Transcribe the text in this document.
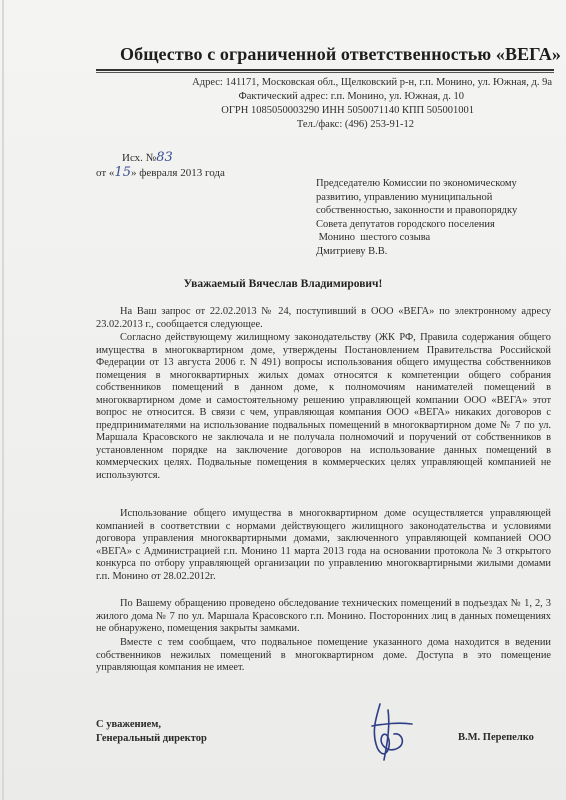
Общество с ограниченной ответственностью «ВЕГА»
Адрес: 141171, Московская обл., Щелковский р-н, г.п. Монино, ул. Южная, д. 9а
Фактический адрес: г.п. Монино, ул. Южная, д. 10
ОГРН 1085050003290 ИНН 5050071140 КПП 505001001
Тел./факс: (496) 253-91-12
Исх. №83
от «15» февраля 2013 года
Председателю Комиссии по экономическому
развитию, управлению муниципальной
собственностью, законности и правопорядку
Совета депутатов городского поселения
Монино  шестого созыва
Дмитриеву В.В.
Уважаемый Вячеслав Владимирович!
На Ваш запрос от 22.02.2013 № 24, поступивший в ООО «ВЕГА» по электронному адресу 23.02.2013 г., сообщается следующее.
Согласно действующему жилищному законодательству (ЖК РФ, Правила содержания общего имущества в многоквартирном доме, утверждены Постановлением Правительства Российской Федерации от 13 августа 2006 г. N 491) вопросы использования общего имущества собственников помещения в многоквартирных жилых домах относятся к компетенции общего собрания собственников помещений в данном доме, к полномочиям нанимателей помещений в многоквартирном доме и самостоятельному решению управляющей компании ООО «ВЕГА» этот вопрос не относится. В связи с чем, управляющая компания ООО «ВЕГА» никаких договоров с предпринимателями на использование подвальных помещений в многоквартирном доме № 7 по ул. Маршала Красовского не заключала и не получала полномочий и поручений от собственников в установленном порядке на заключение договоров на использование данных помещений в коммерческих целях. Подвальные помещения в коммерческих целях управляющей компанией не используются.
Использование общего имущества в многоквартирном доме осуществляется управляющей компанией в соответствии с нормами действующего жилищного законодательства и условиями договора управления многоквартирными домами, заключенного управляющей компанией ООО «ВЕГА» с Администрацией г.п. Монино 11 марта 2013 года на основании протокола № 3 открытого конкурса по отбору управляющей организации по управлению многоквартирными жилыми домами г.п. Монино от 28.02.2012г.
По Вашему обращению проведено обследование технических помещений в подъездах № 1, 2, 3 жилого дома № 7 по ул. Маршала Красовского г.п. Монино. Посторонних лиц в данных помещениях не обнаружено, помещения закрыты замками.
Вместе с тем сообщаем, что подвальное помещение указанного дома находится в ведении собственников нежилых помещений в многоквартирном доме. Доступа в это помещение управляющая компания не имеет.
С уважением,
Генеральный директор	В.М. Перепелко
